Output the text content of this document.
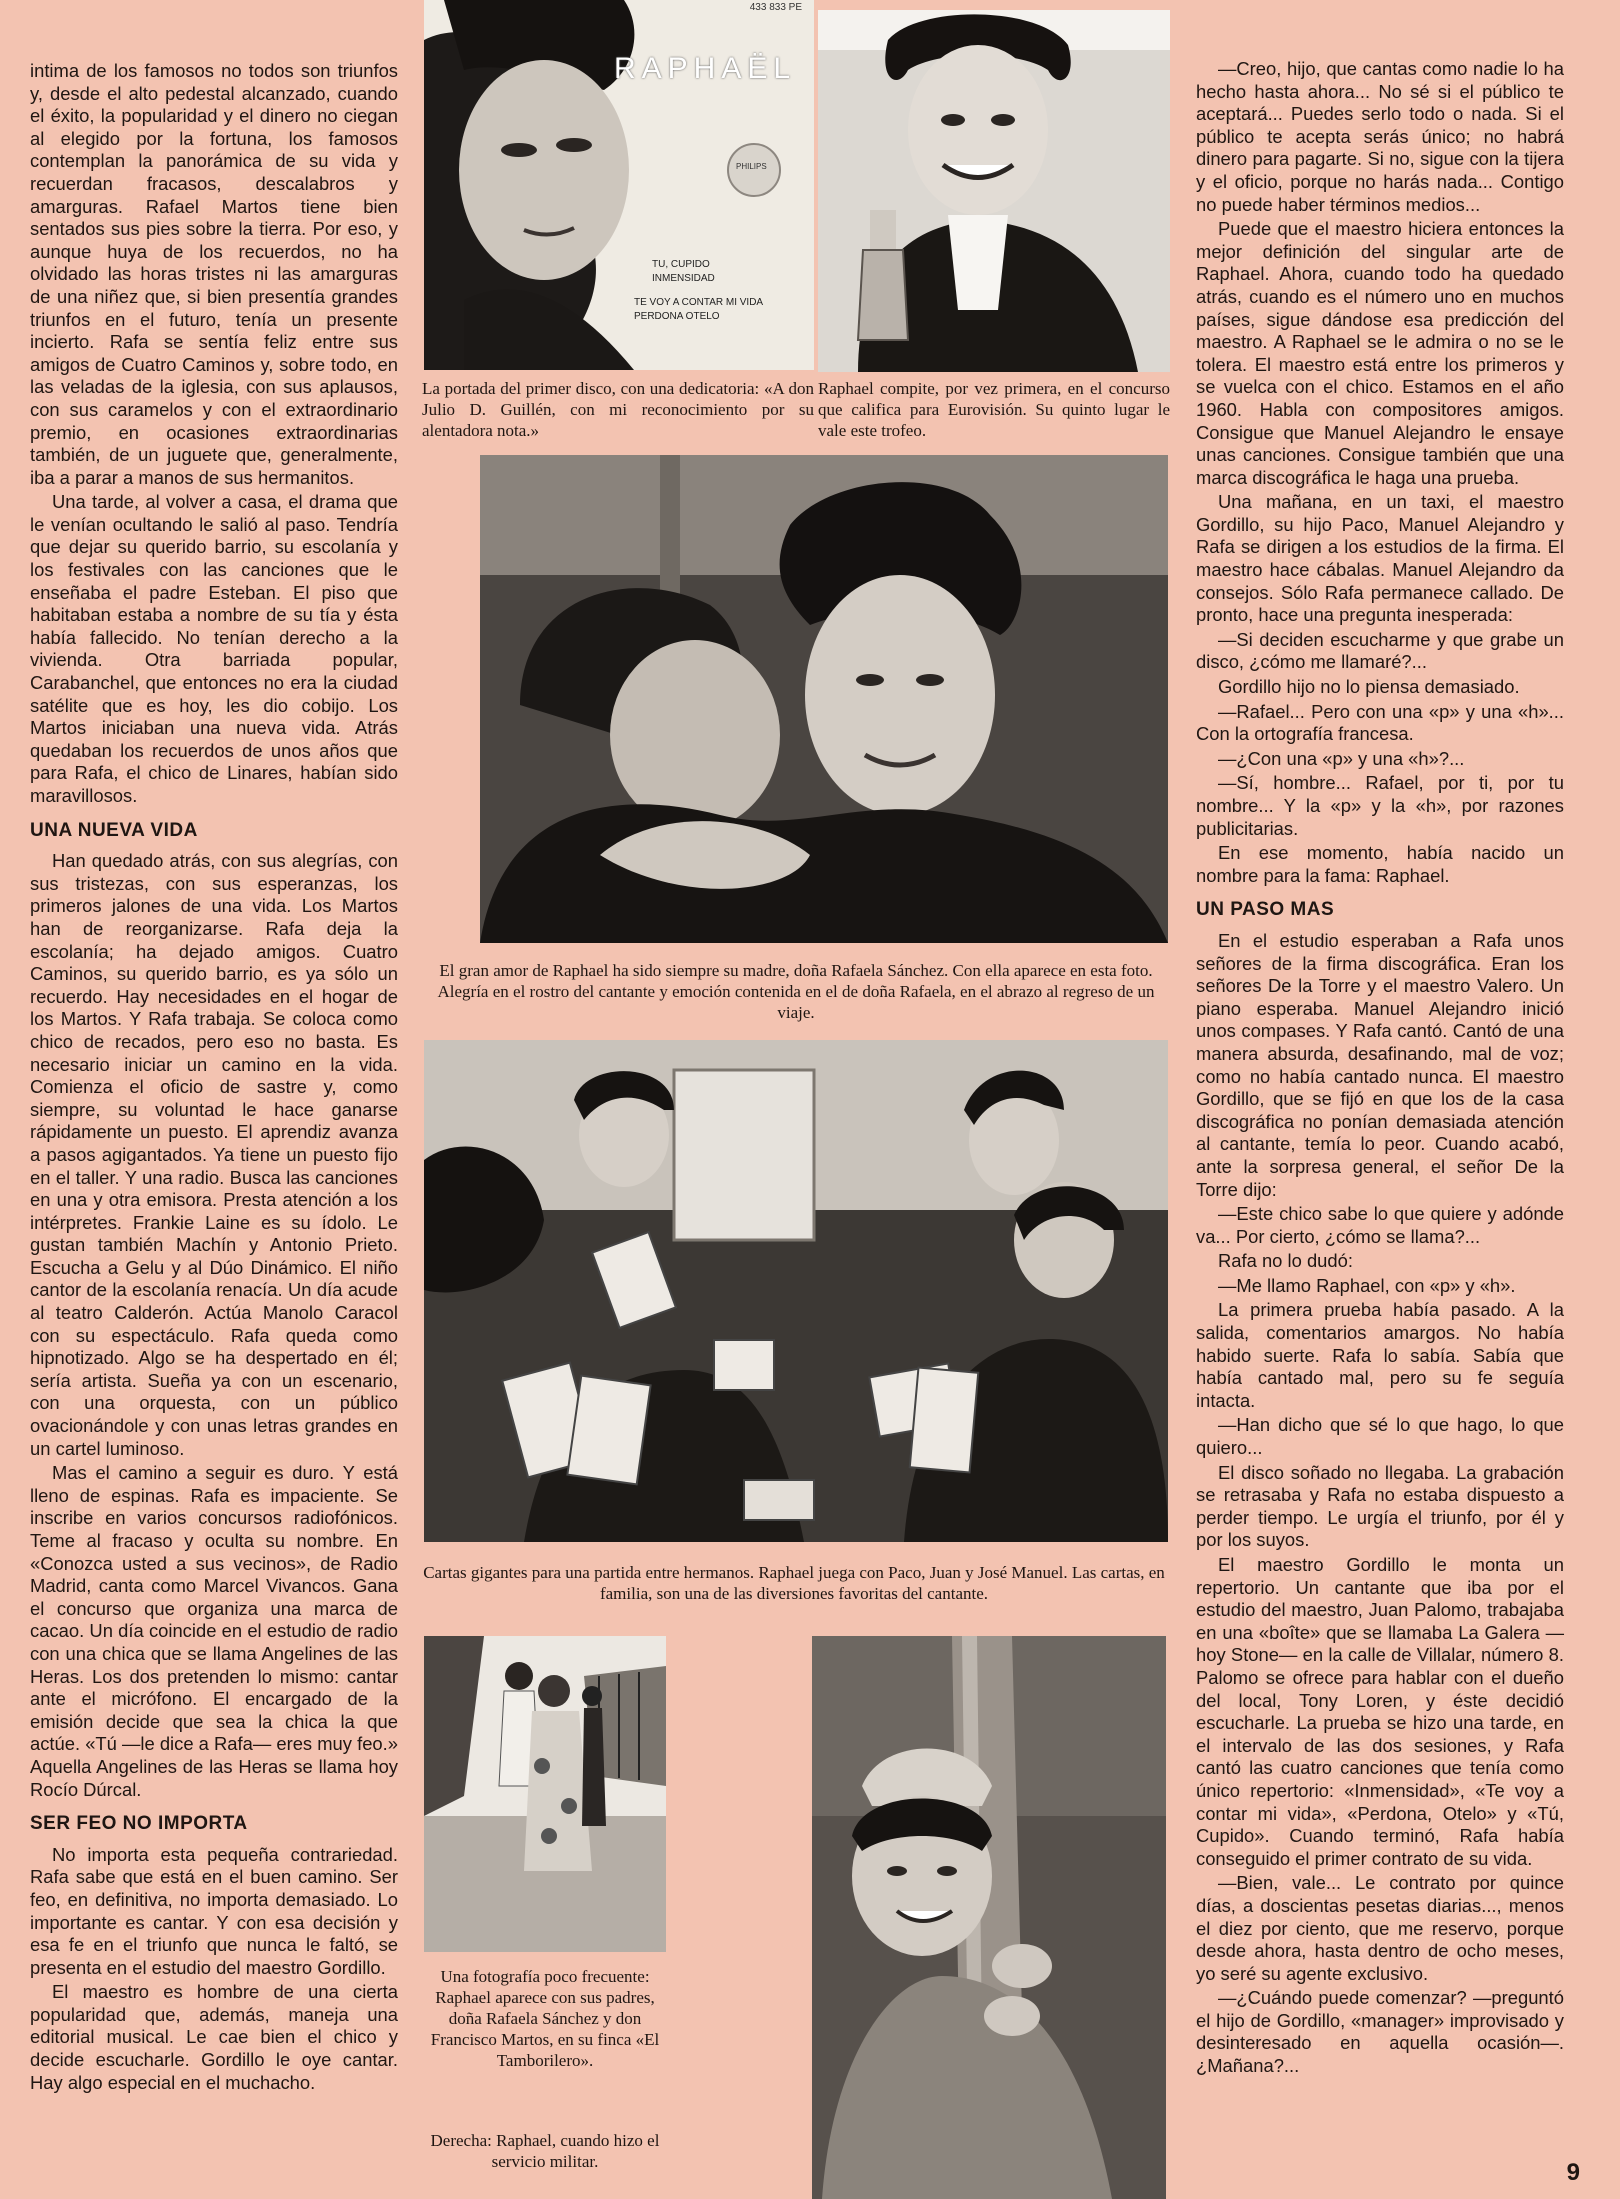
intima de los famosos no todos son triunfos y, desde el alto pedestal alcanzado, cuando el éxito, la popularidad y el dinero no ciegan al elegido por la fortuna, los famosos contemplan la panorámica de su vida y recuerdan fracasos, descalabros y amarguras. Rafael Martos tiene bien sentados sus pies sobre la tierra. Por eso, y aunque huya de los recuerdos, no ha olvidado las horas tristes ni las amarguras de una niñez que, si bien presentía grandes triunfos en el futuro, tenía un presente incierto. Rafa se sentía feliz entre sus amigos de Cuatro Caminos y, sobre todo, en las veladas de la iglesia, con sus aplausos, con sus caramelos y con el extraordinario premio, en ocasiones extraordinarias también, de un juguete que, generalmente, iba a parar a manos de sus hermanitos.

Una tarde, al volver a casa, el drama que le venían ocultando le salió al paso. Tendría que dejar su querido barrio, su escolanía y los festivales con las canciones que le enseñaba el padre Esteban. El piso que habitaban estaba a nombre de su tía y ésta había fallecido. No tenían derecho a la vivienda. Otra barriada popular, Carabanchel, que entonces no era la ciudad satélite que es hoy, les dio cobijo. Los Martos iniciaban una nueva vida. Atrás quedaban los recuerdos de unos años que para Rafa, el chico de Linares, habían sido maravillosos.

UNA NUEVA VIDA

Han quedado atrás, con sus alegrías, con sus tristezas, con sus esperanzas, los primeros jalones de una vida. Los Martos han de reorganizarse. Rafa deja la escolanía; ha dejado amigos. Cuatro Caminos, su querido barrio, es ya sólo un recuerdo. Hay necesidades en el hogar de los Martos. Y Rafa trabaja. Se coloca como chico de recados, pero eso no basta. Es necesario iniciar un camino en la vida. Comienza el oficio de sastre y, como siempre, su voluntad le hace ganarse rápidamente un puesto. El aprendiz avanza a pasos agigantados. Ya tiene un puesto fijo en el taller. Y una radio. Busca las canciones en una y otra emisora. Presta atención a los intérpretes. Frankie Laine es su ídolo. Le gustan también Machín y Antonio Prieto. Escucha a Gelu y al Dúo Dinámico. El niño cantor de la escolanía renacía. Un día acude al teatro Calderón. Actúa Manolo Caracol con su espectáculo. Rafa queda como hipnotizado. Algo se ha despertado en él; sería artista. Sueña ya con un escenario, con una orquesta, con un público ovacionándole y con unas letras grandes en un cartel luminoso.

Mas el camino a seguir es duro. Y está lleno de espinas. Rafa es impaciente. Se inscribe en varios concursos radiofónicos. Teme al fracaso y oculta su nombre. En «Conozca usted a sus vecinos», de Radio Madrid, canta como Marcel Vivancos. Gana el concurso que organiza una marca de cacao. Un día coincide en el estudio de radio con una chica que se llama Angelines de las Heras. Los dos pretenden lo mismo: cantar ante el micrófono. El encargado de la emisión decide que sea la chica la que actúe. «Tú —le dice a Rafa— eres muy feo.» Aquella Angelines de las Heras se llama hoy Rocío Dúrcal.

SER FEO NO IMPORTA

No importa esta pequeña contrariedad. Rafa sabe que está en el buen camino. Ser feo, en definitiva, no importa demasiado. Lo importante es cantar. Y con esa decisión y esa fe en el triunfo que nunca le faltó, se presenta en el estudio del maestro Gordillo.

El maestro es hombre de una cierta popularidad que, además, maneja una editorial musical. Le cae bien el chico y decide escucharle. Gordillo le oye cantar. Hay algo especial en el muchacho.

433 833 PE
RAPHAËL
PHILIPS
TU, CUPIDO
INMENSIDAD
TE VOY A CONTAR MI VIDA
PERDONA OTELO
La portada del primer disco, con una dedicatoria: «A don Julio D. Guillén, con mi reconocimiento por su alentadora nota.»
Raphael compite, por vez primera, en el concurso que califica para Eurovisión. Su quinto lugar le vale este trofeo.
El gran amor de Raphael ha sido siempre su madre, doña Rafaela Sánchez. Con ella aparece en esta foto. Alegría en el rostro del cantante y emoción contenida en el de doña Rafaela, en el abrazo al regreso de un viaje.
Cartas gigantes para una partida entre hermanos. Raphael juega con Paco, Juan y José Manuel. Las cartas, en familia, son una de las diversiones favoritas del cantante.
Una fotografía poco frecuente: Raphael aparece con sus padres, doña Rafaela Sánchez y don Francisco Martos, en su finca «El Tamborilero».
Derecha: Raphael, cuando hizo el servicio militar.

—Creo, hijo, que cantas como nadie lo ha hecho hasta ahora... No sé si el público te aceptará... Puedes serlo todo o nada. Si el público te acepta serás único; no habrá dinero para pagarte. Si no, sigue con la tijera y el oficio, porque no harás nada... Contigo no puede haber términos medios...

Puede que el maestro hiciera entonces la mejor definición del singular arte de Raphael. Ahora, cuando todo ha quedado atrás, cuando es el número uno en muchos países, sigue dándose esa predicción del maestro. A Raphael se le admira o no se le tolera. El maestro está entre los primeros y se vuelca con el chico. Estamos en el año 1960. Habla con compositores amigos. Consigue que Manuel Alejandro le ensaye unas canciones. Consigue también que una marca discográfica le haga una prueba.

Una mañana, en un taxi, el maestro Gordillo, su hijo Paco, Manuel Alejandro y Rafa se dirigen a los estudios de la firma. El maestro hace cábalas. Manuel Alejandro da consejos. Sólo Rafa permanece callado. De pronto, hace una pregunta inesperada:

—Si deciden escucharme y que grabe un disco, ¿cómo me llamaré?...

Gordillo hijo no lo piensa demasiado.

—Rafael... Pero con una «p» y una «h»... Con la ortografía francesa.

—¿Con una «p» y una «h»?...

—Sí, hombre... Rafael, por ti, por tu nombre... Y la «p» y la «h», por razones publicitarias.

En ese momento, había nacido un nombre para la fama: Raphael.

UN PASO MAS

En el estudio esperaban a Rafa unos señores de la firma discográfica. Eran los señores De la Torre y el maestro Valero. Un piano esperaba. Manuel Alejandro inició unos compases. Y Rafa cantó. Cantó de una manera absurda, desafinando, mal de voz; como no había cantado nunca. El maestro Gordillo, que se fijó en que los de la casa discográfica no ponían demasiada atención al cantante, temía lo peor. Cuando acabó, ante la sorpresa general, el señor De la Torre dijo:

—Este chico sabe lo que quiere y adónde va... Por cierto, ¿cómo se llama?...

Rafa no lo dudó:

—Me llamo Raphael, con «p» y «h».

La primera prueba había pasado. A la salida, comentarios amargos. No había habido suerte. Rafa lo sabía. Sabía que había cantado mal, pero su fe seguía intacta.

—Han dicho que sé lo que hago, lo que quiero...

El disco soñado no llegaba. La grabación se retrasaba y Rafa no estaba dispuesto a perder tiempo. Le urgía el triunfo, por él y por los suyos.

El maestro Gordillo le monta un repertorio. Un cantante que iba por el estudio del maestro, Juan Palomo, trabajaba en una «boîte» que se llamaba La Galera —hoy Stone— en la calle de Villalar, número 8. Palomo se ofrece para hablar con el dueño del local, Tony Loren, y éste decidió escucharle. La prueba se hizo una tarde, en el intervalo de las dos sesiones, y Rafa cantó las cuatro canciones que tenía como único repertorio: «Inmensidad», «Te voy a contar mi vida», «Perdona, Otelo» y «Tú, Cupido». Cuando terminó, Rafa había conseguido el primer contrato de su vida.

—Bien, vale... Le contrato por quince días, a doscientas pesetas diarias..., menos el diez por ciento, que me reservo, porque desde ahora, hasta dentro de ocho meses, yo seré su agente exclusivo.

—¿Cuándo puede comenzar? —preguntó el hijo de Gordillo, «manager» improvisado y desinteresado en aquella ocasión—. ¿Mañana?...

9
